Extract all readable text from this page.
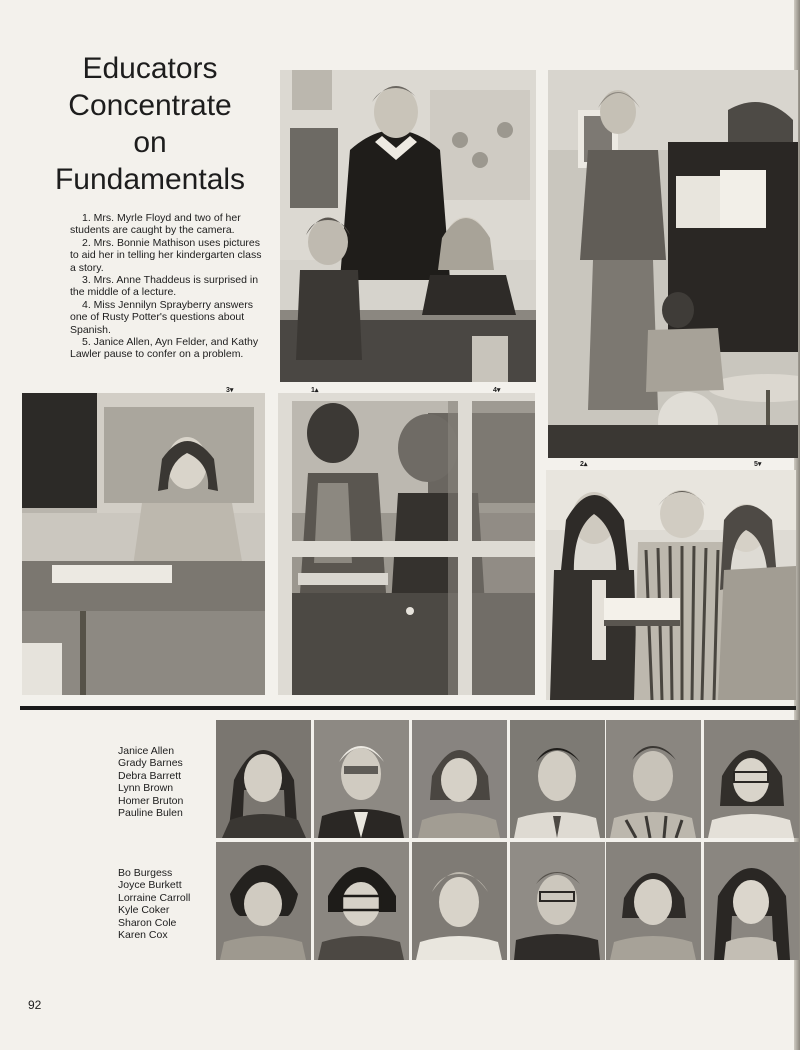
Educators
Concentrate
on
Fundamentals
1. Mrs. Myrle Floyd and two of her students are caught by the camera.
2. Mrs. Bonnie Mathison uses pictures to aid her in telling her kindergarten class a story.
3. Mrs. Anne Thaddeus is surprised in the middle of a lecture.
4. Miss Jennilyn Sprayberry answers one of Rusty Potter's questions about Spanish.
5. Janice Allen, Ayn Felder, and Kathy Lawler pause to confer on a problem.
3▾	1▴	4▾
2▴	5▾
Janice Allen
Grady Barnes
Debra Barrett
Lynn Brown
Homer Bruton
Pauline Bulen
Bo Burgess
Joyce Burkett
Lorraine Carroll
Kyle Coker
Sharon Cole
Karen Cox
92
